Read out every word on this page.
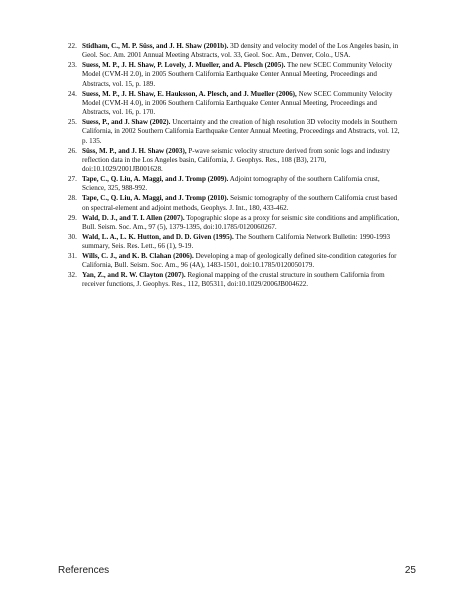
22. Stidham, C., M. P. Süss, and J. H. Shaw (2001b). 3D density and velocity model of the Los Angeles basin, in Geol. Soc. Am. 2001 Annual Meeting Abstracts, vol. 33, Geol. Soc. Am., Denver, Colo., USA.
23. Suess, M. P., J. H. Shaw, P. Lovely, J. Mueller, and A. Plesch (2005). The new SCEC Community Velocity Model (CVM-H 2.0), in 2005 Southern California Earthquake Center Annual Meeting, Proceedings and Abstracts, vol. 15, p. 189.
24. Suess, M. P., J. H. Shaw, E. Hauksson, A. Plesch, and J. Mueller (2006), New SCEC Community Velocity Model (CVM-H 4.0), in 2006 Southern California Earthquake Center Annual Meeting, Proceedings and Abstracts, vol. 16, p. 170.
25. Suess, P., and J. Shaw (2002). Uncertainty and the creation of high resolution 3D velocity models in Southern California, in 2002 Southern California Earthquake Center Annual Meeting, Proceedings and Abstracts, vol. 12, p. 135.
26. Süss, M. P., and J. H. Shaw (2003), P-wave seismic velocity structure derived from sonic logs and industry reflection data in the Los Angeles basin, California, J. Geophys. Res., 108 (B3), 2170, doi:10.1029/2001JB001628.
27. Tape, C., Q. Liu, A. Maggi, and J. Tromp (2009). Adjoint tomography of the southern California crust, Science, 325, 988-992.
28. Tape, C., Q. Liu, A. Maggi, and J. Tromp (2010). Seismic tomography of the southern California crust based on spectral-element and adjoint methods, Geophys. J. Int., 180, 433-462.
29. Wald, D. J., and T. I. Allen (2007). Topographic slope as a proxy for seismic site conditions and amplification, Bull. Seism. Soc. Am., 97 (5), 1379-1395, doi:10.1785/0120060267.
30. Wald, L. A., L. K. Hutton, and D. D. Given (1995). The Southern California Network Bulletin: 1990-1993 summary, Seis. Res. Lett., 66 (1), 9-19.
31. Wills, C. J., and K. B. Clahan (2006). Developing a map of geologically defined site-condition categories for California, Bull. Seism. Soc. Am., 96 (4A), 1483-1501, doi:10.1785/0120050179.
32. Yan, Z., and R. W. Clayton (2007). Regional mapping of the crustal structure in southern California from receiver functions, J. Geophys. Res., 112, B05311, doi:10.1029/2006JB004622.
References	25
